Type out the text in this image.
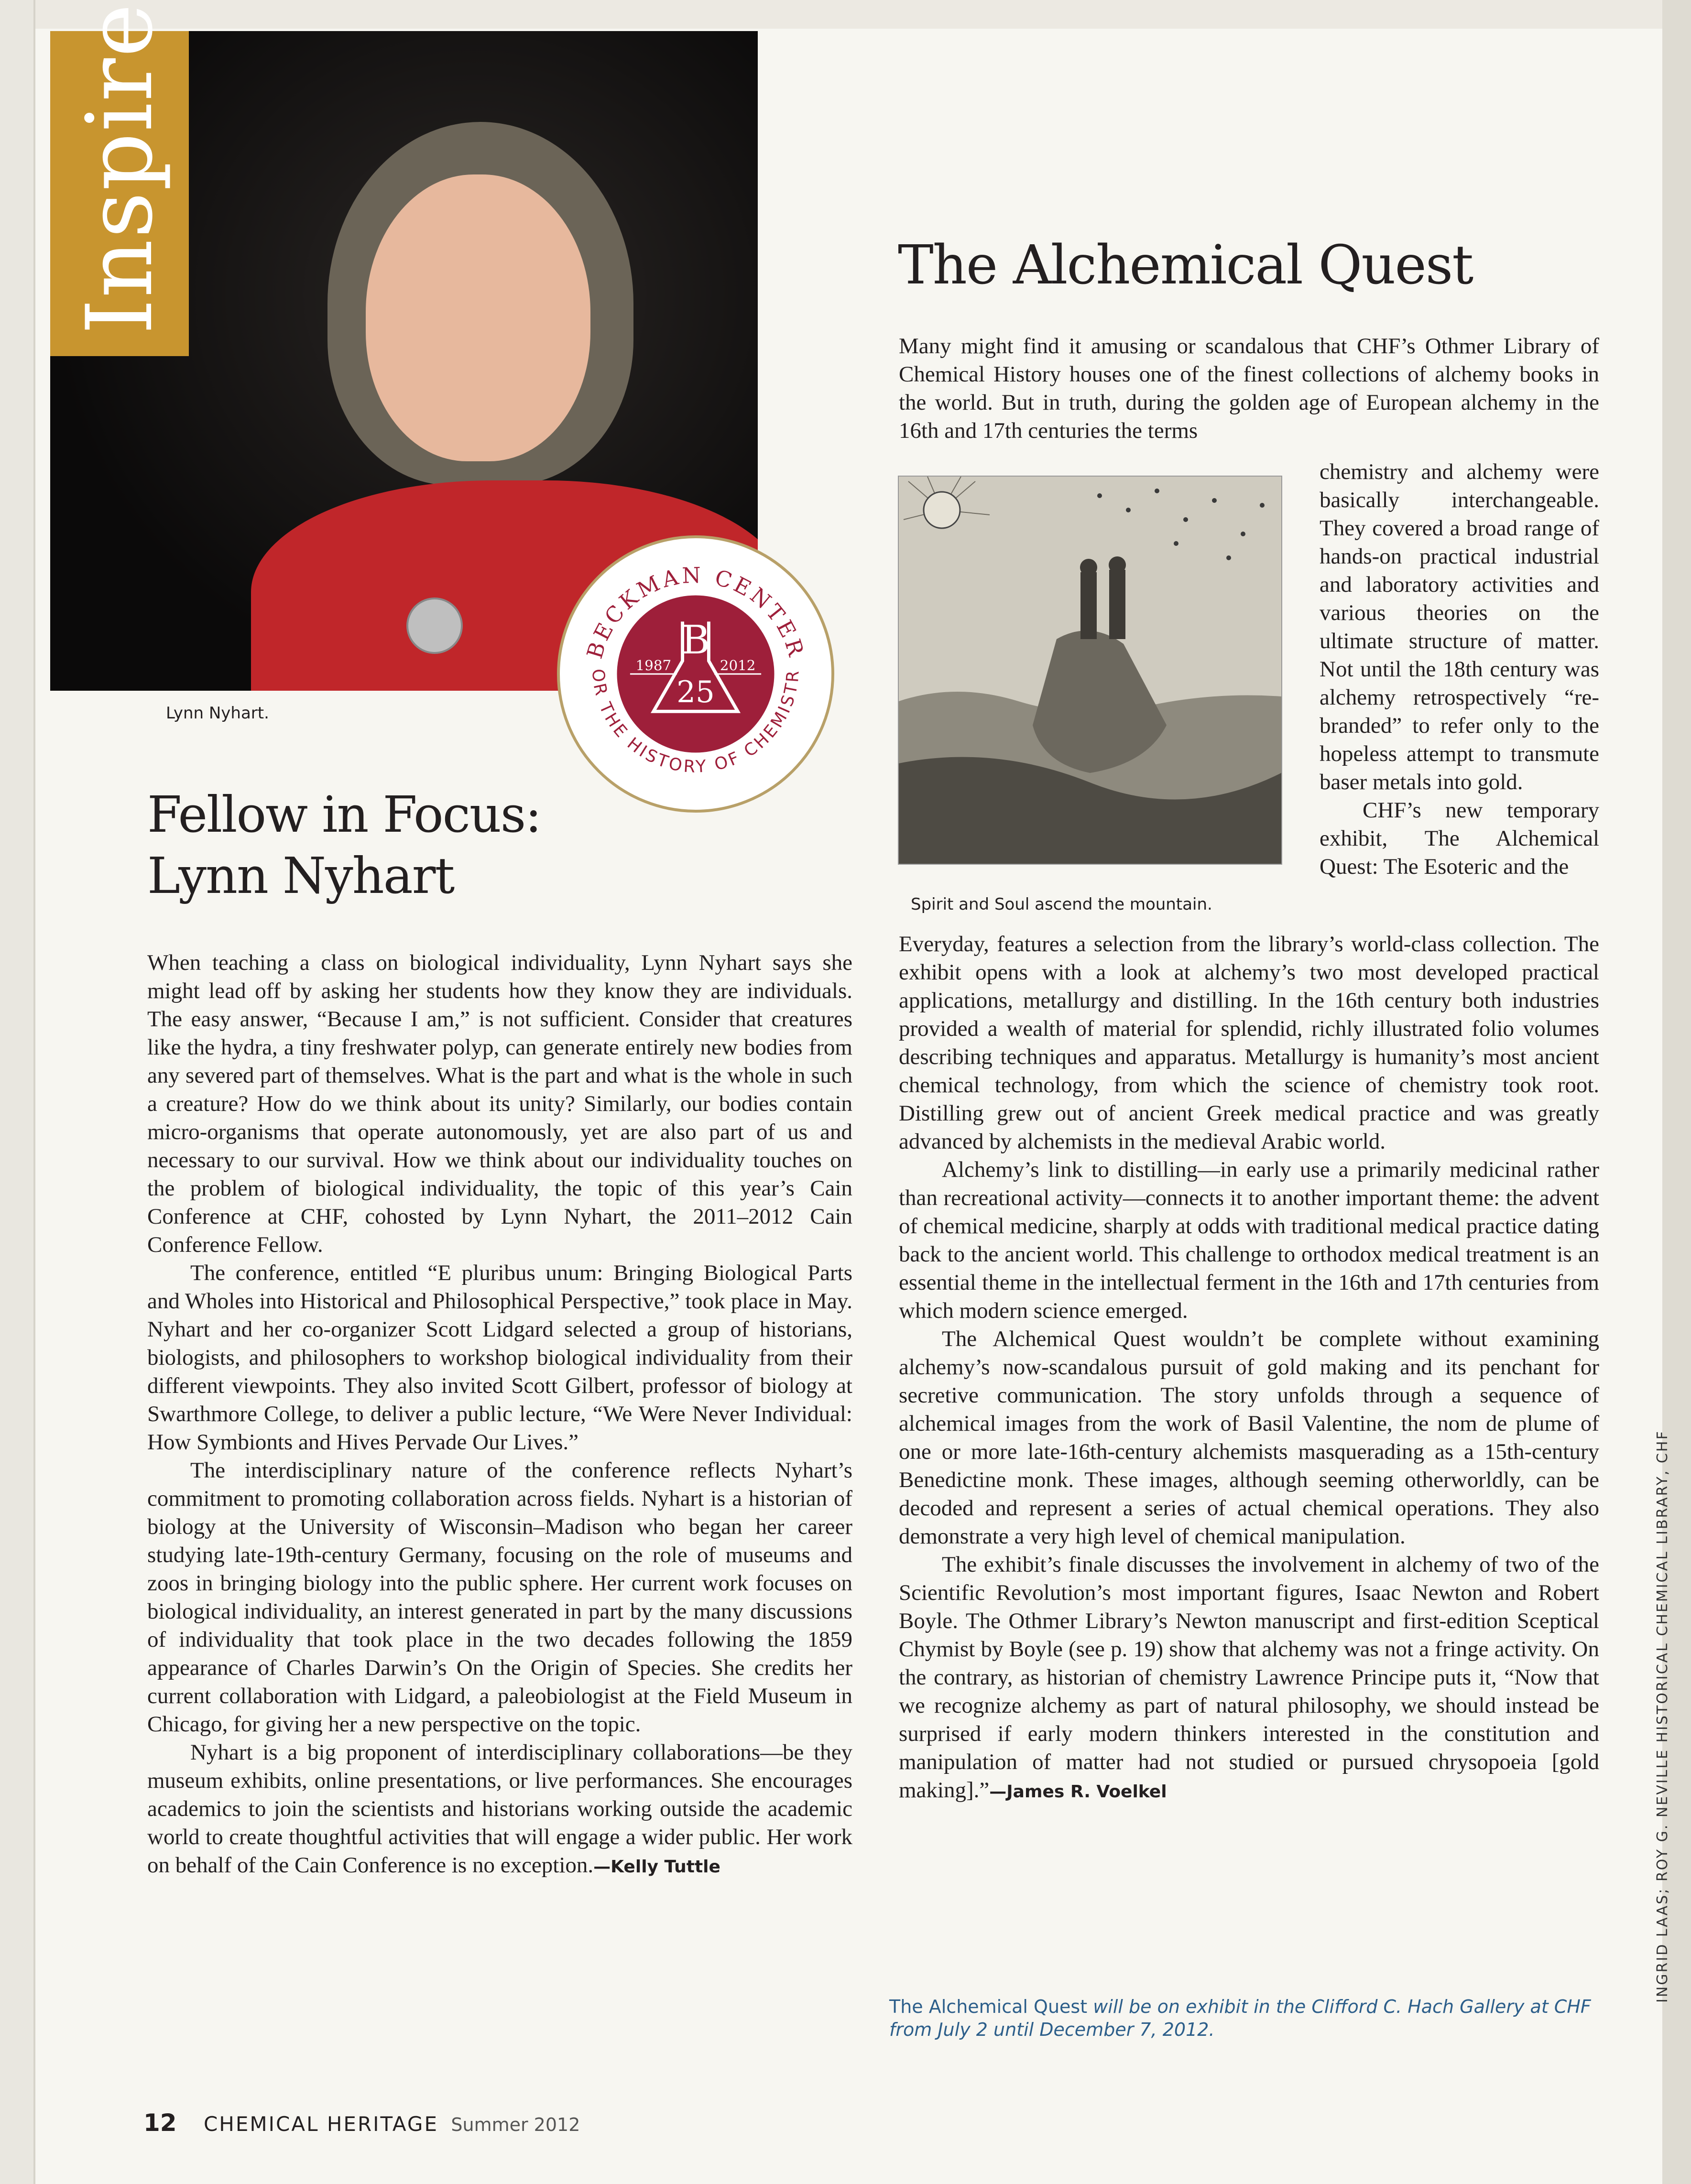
Inspire
BECKMAN CENTER
OR THE HISTORY OF CHEMISTR
B
25
1987	2012
Lynn Nyhart.
Fellow in Focus:
Lynn Nyhart

When teaching a class on biological individuality, Lynn Nyhart says she might lead off by asking her students how they know they are individuals. The easy answer, “Because I am,” is not sufficient. Consider that creatures like the hydra, a tiny freshwater polyp, can generate entirely new bodies from any severed part of themselves. What is the part and what is the whole in such a creature? How do we think about its unity? Similarly, our bodies contain micro-organisms that operate autonomously, yet are also part of us and necessary to our survival. How we think about our individuality touches on the problem of biological individuality, the topic of this year’s Cain Conference at CHF, cohosted by Lynn Nyhart, the 2011–2012 Cain Conference Fellow.

The conference, entitled “E pluribus unum: Bringing Biological Parts and Wholes into Historical and Philosophical Perspective,” took place in May. Nyhart and her co-organizer Scott Lidgard selected a group of historians, biologists, and philosophers to workshop biological individuality from their different viewpoints. They also invited Scott Gilbert, professor of biology at Swarthmore College, to deliver a public lecture, “We Were Never Individual: How Symbionts and Hives Pervade Our Lives.”

The interdisciplinary nature of the conference reflects Nyhart’s commitment to promoting collaboration across fields. Nyhart is a historian of biology at the University of Wisconsin–Madison who began her career studying late-19th-century Germany, focusing on the role of museums and zoos in bringing biology into the public sphere. Her current work focuses on biological individuality, an interest generated in part by the many discussions of individuality that took place in the two decades following the 1859 appearance of Charles Darwin’s On the Origin of Species. She credits her current collaboration with Lidgard, a paleobiologist at the Field Museum in Chicago, for giving her a new perspective on the topic.

Nyhart is a big proponent of interdisciplinary collaborations—be they museum exhibits, online presentations, or live performances. She encourages academics to join the scientists and historians working outside the academic world to create thoughtful activities that will engage a wider public. Her work on behalf of the Cain Conference is no exception.—Kelly Tuttle

The Alchemical Quest
Many might find it amusing or scandalous that CHF’s Othmer Library of Chemical History houses one of the finest collections of alchemy books in the world. But in truth, during the golden age of European alchemy in the 16th and 17th centuries the terms

chemistry and alchemy were basically interchangeable. They covered a broad range of hands-on practical industrial and laboratory activities and various theories on the ultimate structure of matter. Not until the 18th century was alchemy retrospectively “re-branded” to refer only to the hopeless attempt to transmute baser metals into gold.

CHF’s new temporary exhibit, The Alchemical Quest: The Esoteric and the

Spirit and Soul ascend the mountain.

Everyday, features a selection from the library’s world-class collection. The exhibit opens with a look at alchemy’s two most developed practical applications, metallurgy and distilling. In the 16th century both industries provided a wealth of material for splendid, richly illustrated folio volumes describing techniques and apparatus. Metallurgy is humanity’s most ancient chemical technology, from which the science of chemistry took root. Distilling grew out of ancient Greek medical practice and was greatly advanced by alchemists in the medieval Arabic world.

Alchemy’s link to distilling—in early use a primarily medicinal rather than recreational activity—connects it to another important theme: the advent of chemical medicine, sharply at odds with traditional medical practice dating back to the ancient world. This challenge to orthodox medical treatment is an essential theme in the intellectual ferment in the 16th and 17th centuries from which modern science emerged.

The Alchemical Quest wouldn’t be complete without examining alchemy’s now-scandalous pursuit of gold making and its penchant for secretive communication. The story unfolds through a sequence of alchemical images from the work of Basil Valentine, the nom de plume of one or more late-16th-century alchemists masquerading as a 15th-century Benedictine monk. These images, although seeming otherworldly, can be decoded and represent a series of actual chemical operations. They also demonstrate a very high level of chemical manipulation.

The exhibit’s finale discusses the involvement in alchemy of two of the Scientific Revolution’s most important figures, Isaac Newton and Robert Boyle. The Othmer Library’s Newton manuscript and first-edition Sceptical Chymist by Boyle (see p. 19) show that alchemy was not a fringe activity. On the contrary, as historian of chemistry Lawrence Principe puts it, “Now that we recognize alchemy as part of natural philosophy, we should instead be surprised if early modern thinkers interested in the constitution and manipulation of matter had not studied or pursued chrysopoeia [gold making].”—James R. Voelkel

The Alchemical Quest will be on exhibit in the Clifford C. Hach Gallery at CHF from July 2 until December 7, 2012.
12 CHEMICAL HERITAGE Summer 2012
INGRID LAAS; ROY G. NEVILLE HISTORICAL CHEMICAL LIBRARY, CHF
